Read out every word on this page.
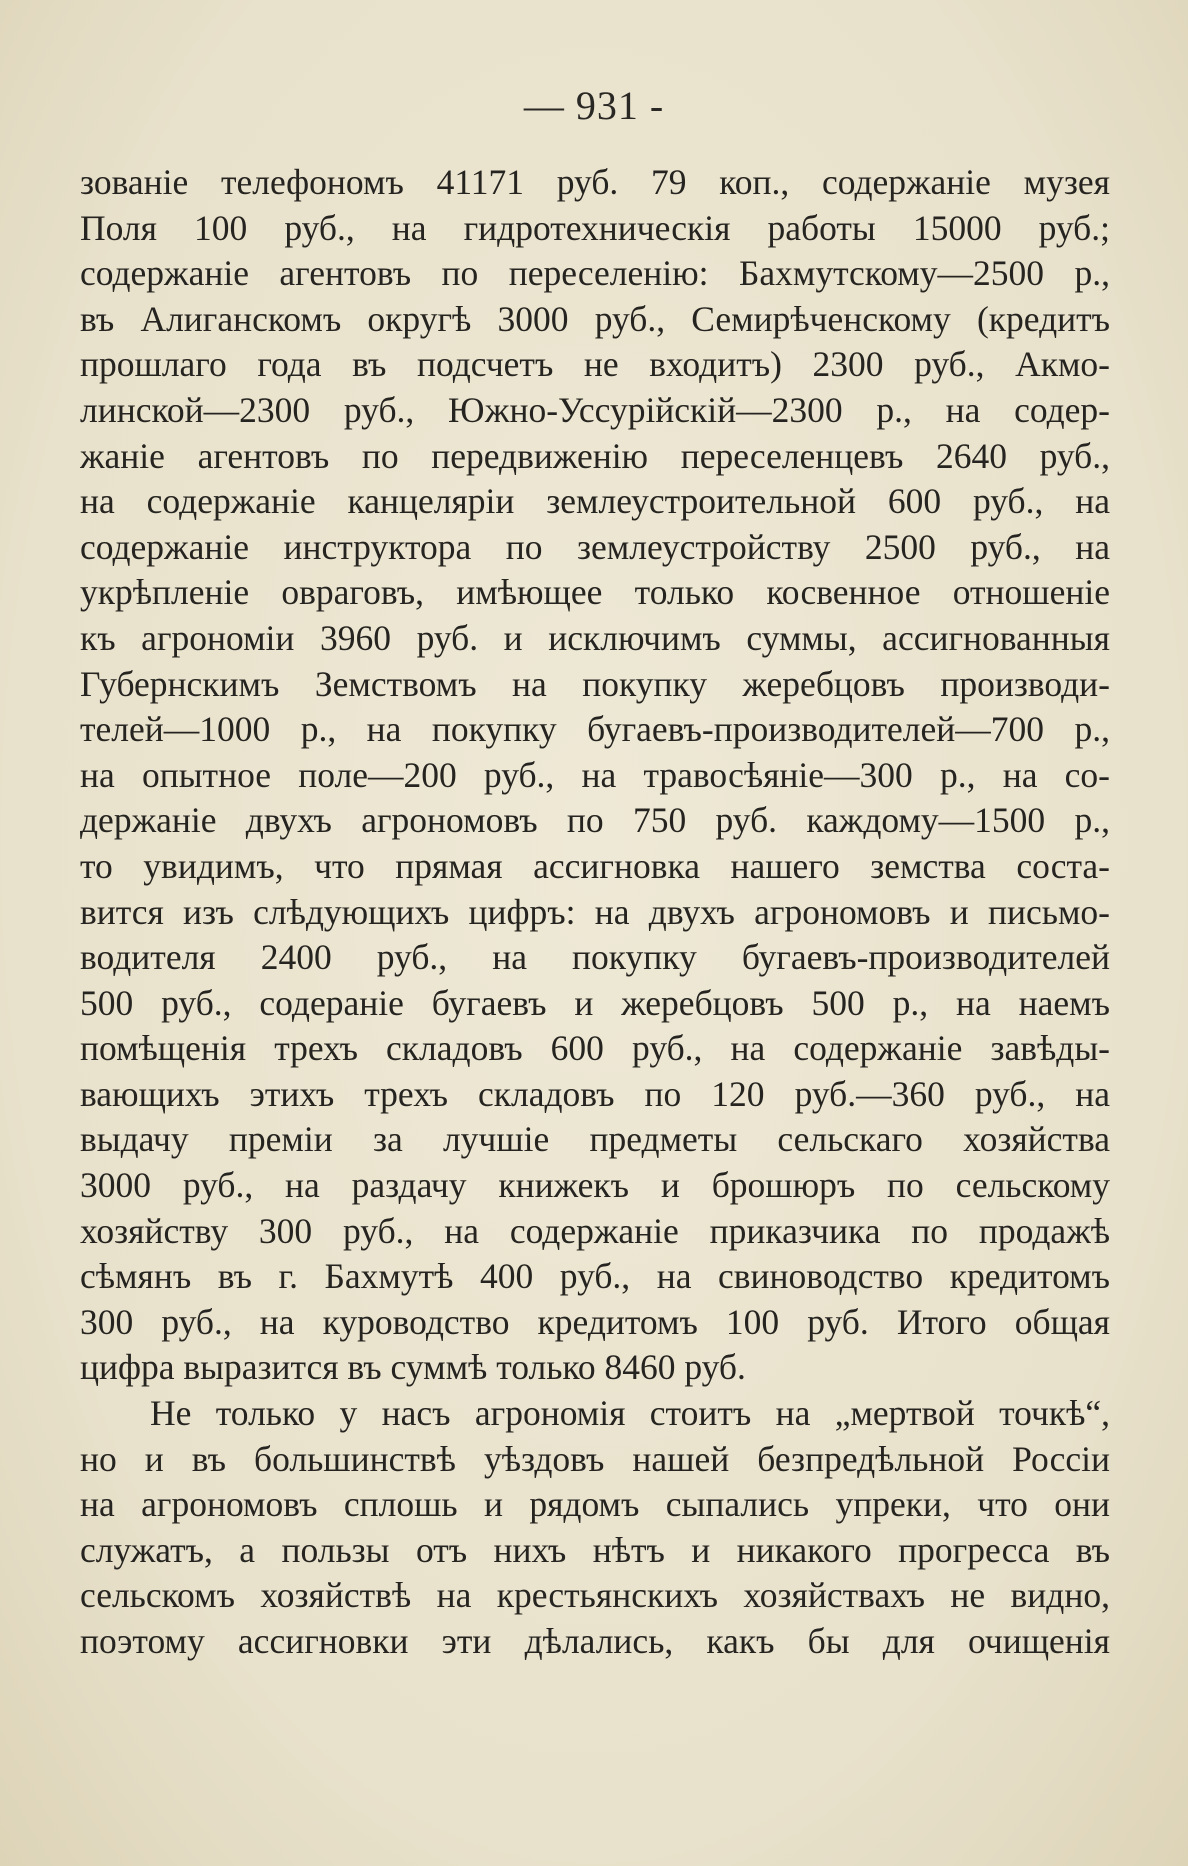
— 931 -
зованіе телефономъ 41171 руб. 79 коп., содержаніе музея
Поля 100 руб., на гидротехническія работы 15000 руб.;
содержаніе агентовъ по переселенію: Бахмутскому—2500 р.,
въ Алиганскомъ округѣ 3000 руб., Семирѣченскому (кредитъ
прошлаго года въ подсчетъ не входитъ) 2300 руб., Акмо-
линской—2300 руб., Южно-Уссурійскій—2300 р., на содер-
жаніе агентовъ по передвиженію переселенцевъ 2640 руб.,
на содержаніе канцеляріи землеустроительной 600 руб., на
содержаніе инструктора по землеустройству 2500 руб., на
укрѣпленіе овраговъ, имѣющее только косвенное отношеніе
къ агрономіи 3960 руб. и исключимъ суммы, ассигнованныя
Губернскимъ Земствомъ на покупку жеребцовъ производи-
телей—1000 р., на покупку бугаевъ-производителей—700 р.,
на опытное поле—200 руб., на травосѣяніе—300 р., на со-
держаніе двухъ агрономовъ по 750 руб. каждому—1500 р.,
то увидимъ, что прямая ассигновка нашего земства соста-
вится изъ слѣдующихъ цифръ: на двухъ агрономовъ и письмо-
водителя 2400 руб., на покупку бугаевъ-производителей
500 руб., содераніе бугаевъ и жеребцовъ 500 р., на наемъ
помѣщенія трехъ складовъ 600 руб., на содержаніе завѣды-
вающихъ этихъ трехъ складовъ по 120 руб.—360 руб., на
выдачу преміи за лучшіе предметы сельскаго хозяйства
3000 руб., на раздачу книжекъ и брошюръ по сельскому
хозяйству 300 руб., на содержаніе приказчика по продажѣ
сѣмянъ въ г. Бахмутѣ 400 руб., на свиноводство кредитомъ
300 руб., на куроводство кредитомъ 100 руб. Итого общая
цифра выразится въ суммѣ только 8460 руб.
Не только у насъ агрономія стоитъ на „мертвой точкѣ“,
но и въ большинствѣ уѣздовъ нашей безпредѣльной Россіи
на агрономовъ сплошь и рядомъ сыпались упреки, что они
служатъ, а пользы отъ нихъ нѣтъ и никакого прогресса въ
сельскомъ хозяйствѣ на крестьянскихъ хозяйствахъ не видно,
поэтому ассигновки эти дѣлались, какъ бы для очищенія
